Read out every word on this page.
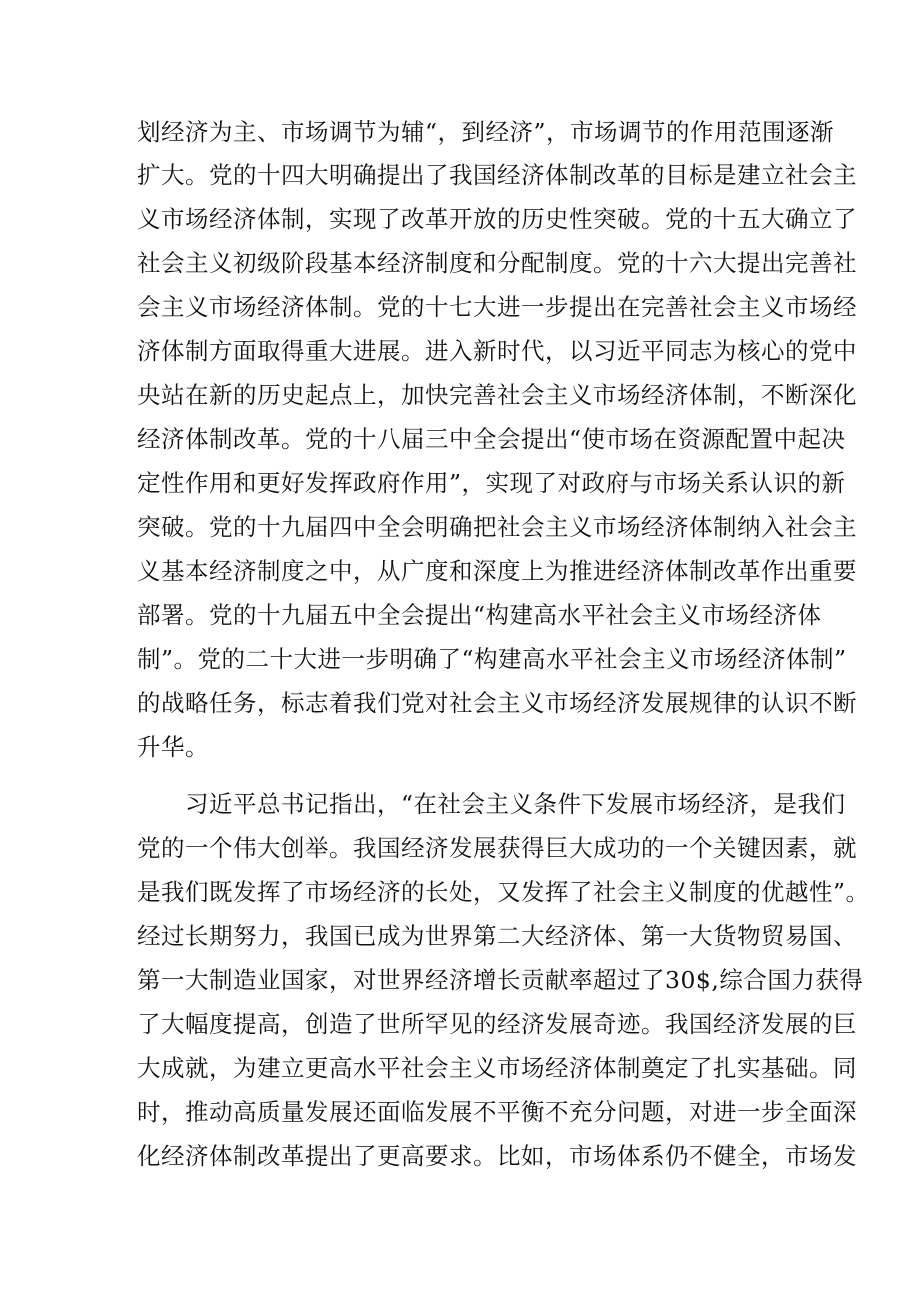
划经济为主、市场调节为辅“，到经济”，市场调节的作用范围逐渐

扩大。党的十四大明确提出了我国经济体制改革的目标是建立社会主

义市场经济体制，实现了改革开放的历史性突破。党的十五大确立了

社会主义初级阶段基本经济制度和分配制度。党的十六大提出完善社

会主义市场经济体制。党的十七大进一步提出在完善社会主义市场经

济体制方面取得重大进展。进入新时代，以习近平同志为核心的党中

央站在新的历史起点上，加快完善社会主义市场经济体制，不断深化

经济体制改革。党的十八届三中全会提出“使市场在资源配置中起决

定性作用和更好发挥政府作用”，实现了对政府与市场关系认识的新

突破。党的十九届四中全会明确把社会主义市场经济体制纳入社会主

义基本经济制度之中，从广度和深度上为推进经济体制改革作出重要

部署。党的十九届五中全会提出“构建高水平社会主义市场经济体

制”。党的二十大进一步明确了“构建高水平社会主义市场经济体制”

的战略任务，标志着我们党对社会主义市场经济发展规律的认识不断

升华。

习近平总书记指出，“在社会主义条件下发展市场经济，是我们

党的一个伟大创举。我国经济发展获得巨大成功的一个关键因素，就

是我们既发挥了市场经济的长处，又发挥了社会主义制度的优越性”。

经过长期努力，我国已成为世界第二大经济体、第一大货物贸易国、

第一大制造业国家，对世界经济增长贡献率超过了30$,综合国力获得

了大幅度提高，创造了世所罕见的经济发展奇迹。我国经济发展的巨

大成就，为建立更高水平社会主义市场经济体制奠定了扎实基础。同

时，推动高质量发展还面临发展不平衡不充分问题，对进一步全面深

化经济体制改革提出了更高要求。比如，市场体系仍不健全，市场发
